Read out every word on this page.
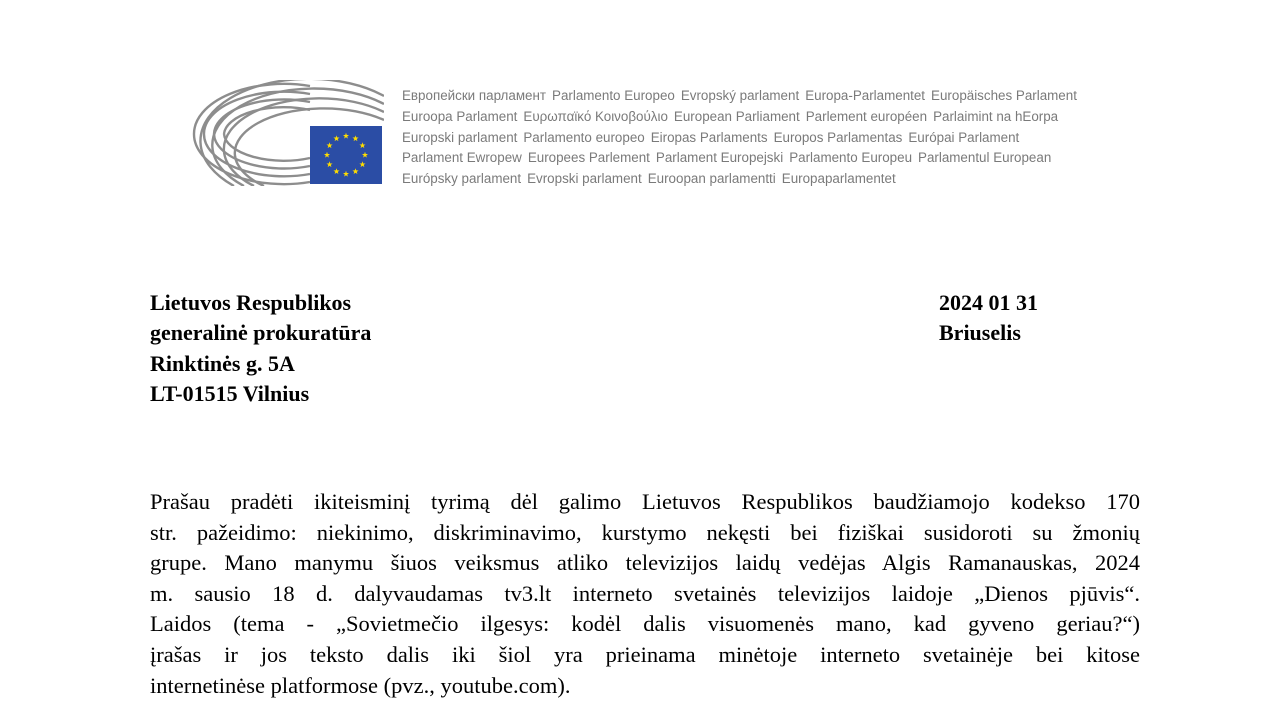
Европейски парламент Parlamento Europeo Evropský parlament Europa-Parlamentet Europäisches Parlament
Euroopa Parlament Ευρωπαϊκό Κοινοβούλιο European Parliament Parlement européen Parlaimint na hEorpa
Europski parlament Parlamento europeo Eiropas Parlaments Europos Parlamentas Európai Parlament
Parlament Ewropew Europees Parlement Parlament Europejski Parlamento Europeu Parlamentul European
Európsky parlament Evropski parlament Euroopan parlamentti Europaparlamentet
Lietuvos Respublikos
generalinė prokuratūra
Rinktinės g. 5A
LT-01515 Vilnius
2024 01 31
Briuselis
Prašau pradėti ikiteisminį tyrimą dėl galimo Lietuvos Respublikos baudžiamojo kodekso 170
str. pažeidimo: niekinimo, diskriminavimo, kurstymo nekęsti bei fiziškai susidoroti su žmonių
grupe. Mano manymu šiuos veiksmus atliko televizijos laidų vedėjas Algis Ramanauskas, 2024
m. sausio 18 d. dalyvaudamas tv3.lt interneto svetainės televizijos laidoje „Dienos pjūvis“.
Laidos (tema - „Sovietmečio ilgesys: kodėl dalis visuomenės mano, kad gyveno geriau?“)
įrašas ir jos teksto dalis iki šiol yra prieinama minėtoje interneto svetainėje bei kitose
internetinėse platformose (pvz., youtube.com).
